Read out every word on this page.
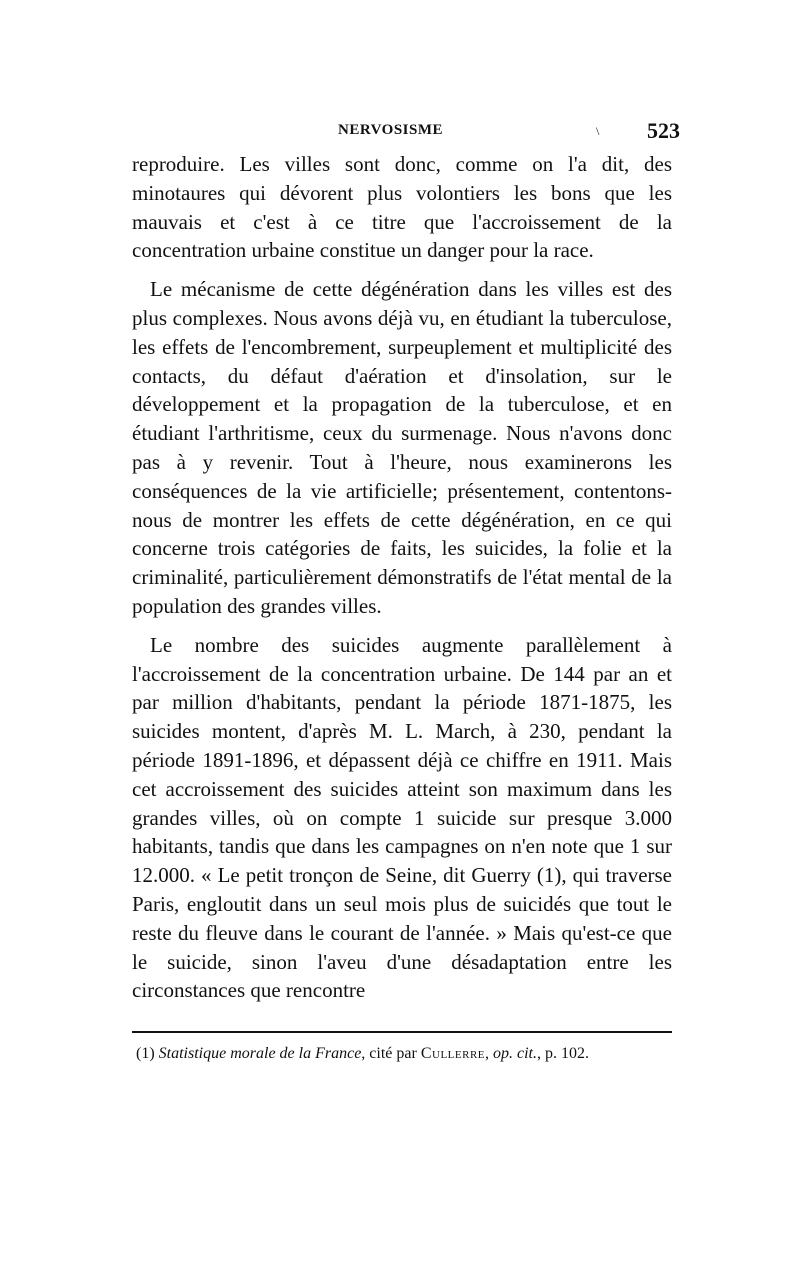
NERVOSISME	\ 523

reproduire. Les villes sont donc, comme on l'a dit, des minotaures qui dévorent plus volontiers les bons que les mauvais et c'est à ce titre que l'accroissement de la concentration urbaine constitue un danger pour la race.

Le mécanisme de cette dégénération dans les villes est des plus complexes. Nous avons déjà vu, en étudiant la tuberculose, les effets de l'encombrement, surpeuplement et multiplicité des contacts, du défaut d'aération et d'insolation, sur le développement et la propagation de la tuberculose, et en étudiant l'arthritisme, ceux du surmenage. Nous n'avons donc pas à y revenir. Tout à l'heure, nous examinerons les conséquences de la vie artificielle; présentement, contentons-nous de montrer les effets de cette dégénération, en ce qui concerne trois catégories de faits, les suicides, la folie et la criminalité, particulièrement démonstratifs de l'état mental de la population des grandes villes.

Le nombre des suicides augmente parallèlement à l'accroissement de la concentration urbaine. De 144 par an et par million d'habitants, pendant la période 1871-1875, les suicides montent, d'après M. L. March, à 230, pendant la période 1891-1896, et dépassent déjà ce chiffre en 1911. Mais cet accroissement des suicides atteint son maximum dans les grandes villes, où on compte 1 suicide sur presque 3.000 habitants, tandis que dans les campagnes on n'en note que 1 sur 12.000. « Le petit tronçon de Seine, dit Guerry (1), qui traverse Paris, engloutit dans un seul mois plus de suicidés que tout le reste du fleuve dans le courant de l'année. » Mais qu'est-ce que le suicide, sinon l'aveu d'une désadaptation entre les circonstances que rencontre

(1) Statistique morale de la France, cité par Cullerre, op. cit., p. 102.
